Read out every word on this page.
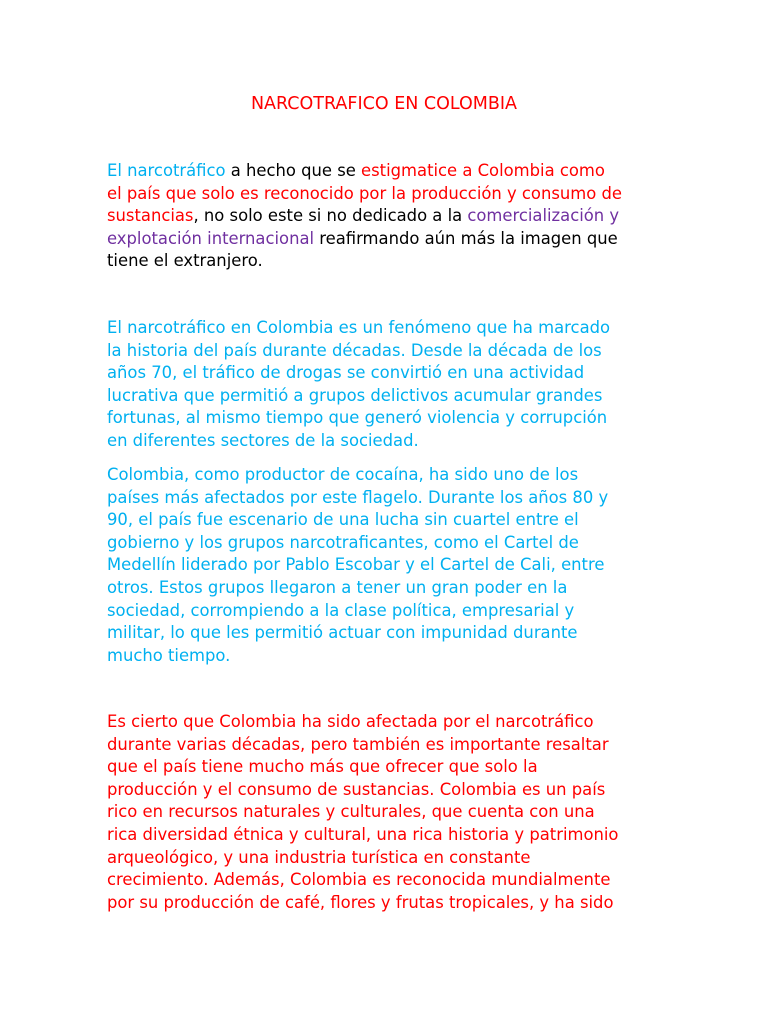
NARCOTRAFICO EN COLOMBIA

El narcotráfico a hecho que se estigmatice a Colombia como
el país que solo es reconocido por la producción y consumo de
sustancias, no solo este si no dedicado a la comercialización y
explotación internacional reafirmando aún más la imagen que
tiene el extranjero.

El narcotráfico en Colombia es un fenómeno que ha marcado
la historia del país durante décadas. Desde la década de los
años 70, el tráfico de drogas se convirtió en una actividad
lucrativa que permitió a grupos delictivos acumular grandes
fortunas, al mismo tiempo que generó violencia y corrupción
en diferentes sectores de la sociedad.

Colombia, como productor de cocaína, ha sido uno de los
países más afectados por este flagelo. Durante los años 80 y
90, el país fue escenario de una lucha sin cuartel entre el
gobierno y los grupos narcotraficantes, como el Cartel de
Medellín liderado por Pablo Escobar y el Cartel de Cali, entre
otros. Estos grupos llegaron a tener un gran poder en la
sociedad, corrompiendo a la clase política, empresarial y
militar, lo que les permitió actuar con impunidad durante
mucho tiempo.

Es cierto que Colombia ha sido afectada por el narcotráfico
durante varias décadas, pero también es importante resaltar
que el país tiene mucho más que ofrecer que solo la
producción y el consumo de sustancias. Colombia es un país
rico en recursos naturales y culturales, que cuenta con una
rica diversidad étnica y cultural, una rica historia y patrimonio
arqueológico, y una industria turística en constante
crecimiento. Además, Colombia es reconocida mundialmente
por su producción de café, flores y frutas tropicales, y ha sido
